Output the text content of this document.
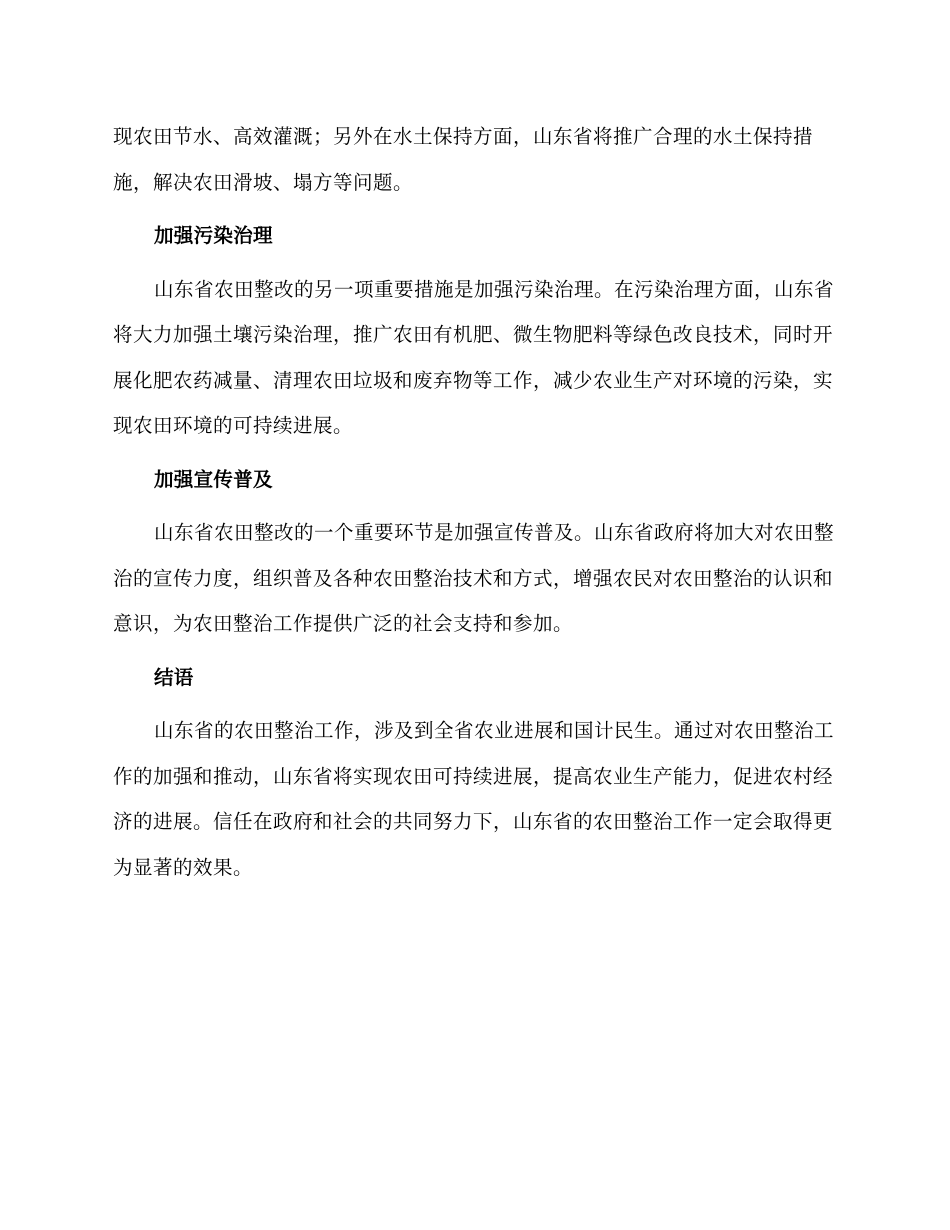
现农田节水、高效灌溉；另外在水土保持方面，山东省将推广合理的水土保持措施，解决农田滑坡、塌方等问题。

加强污染治理

山东省农田整改的另一项重要措施是加强污染治理。在污染治理方面，山东省将大力加强土壤污染治理，推广农田有机肥、微生物肥料等绿色改良技术，同时开展化肥农药减量、清理农田垃圾和废弃物等工作，减少农业生产对环境的污染，实现农田环境的可持续进展。

加强宣传普及

山东省农田整改的一个重要环节是加强宣传普及。山东省政府将加大对农田整治的宣传力度，组织普及各种农田整治技术和方式，增强农民对农田整治的认识和意识，为农田整治工作提供广泛的社会支持和参加。

结语

山东省的农田整治工作，涉及到全省农业进展和国计民生。通过对农田整治工作的加强和推动，山东省将实现农田可持续进展，提高农业生产能力，促进农村经济的进展。信任在政府和社会的共同努力下，山东省的农田整治工作一定会取得更为显著的效果。
